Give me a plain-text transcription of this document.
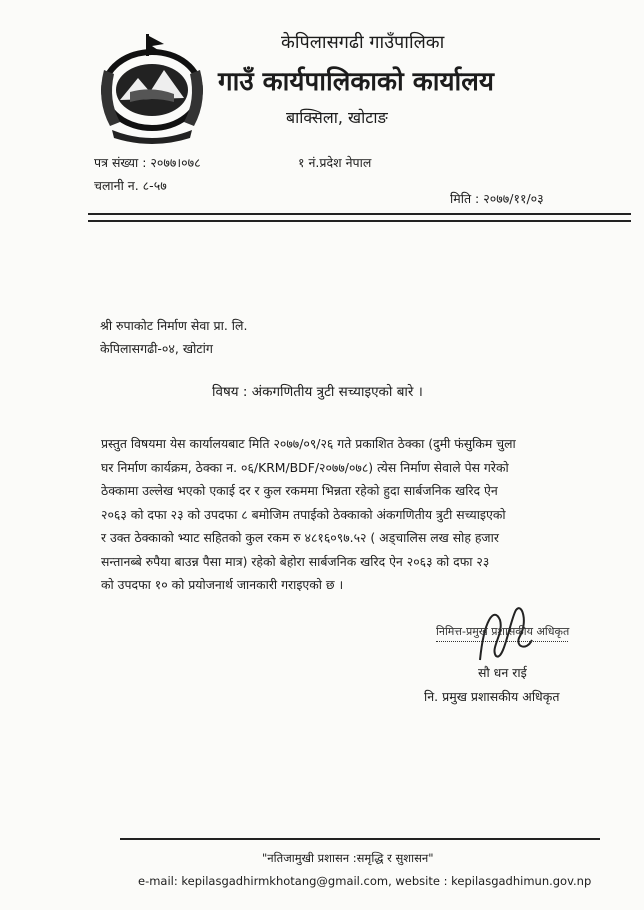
केपिलासगढी गाउँपालिका
गाउँ कार्यपालिकाको कार्यालय
बाक्सिला, खोटाङ
पत्र संख्या : २०७७।०७८	१ नं.प्रदेश नेपाल
चलानी न. ८-५७
मिति : २०७७/११/०३
श्री रुपाकोट निर्माण सेवा प्रा. लि.
केपिलासगढी-०४, खोटांग
विषय : अंकगणितीय त्रुटी सच्याइएको बारे ।

प्रस्तुत विषयमा येस कार्यालयबाट मिति २०७७/०९/२६ गते प्रकाशित ठेक्का (दुमी फंसुकिम चुला

घर निर्माण कार्यक्रम, ठेक्का न. ०६/KRM/BDF/२०७७/०७८) त्येस निर्माण सेवाले पेस गरेको

ठेक्कामा उल्लेख भएको एकाई दर र कुल रकममा भिन्नता रहेको हुदा सार्बजनिक खरिद ऐन

२०६३ को दफा २३ को उपदफा ८ बमोजिम तपाईको ठेक्काको अंकगणितीय त्रुटी सच्याइएको

र उक्त ठेक्काको भ्याट सहितको कुल रकम रु ४८१६०९७.५२ ( अड्चालिस लख सोह हजार

सन्तानब्बे रुपैया बाउन्न पैसा मात्र) रहेको बेहोरा सार्बजनिक खरिद ऐन २०६३ को दफा २३

को उपदफा १० को प्रयोजनार्थ जानकारी गराइएको छ ।

निमित्त-प्रमुख प्रशासकीय अधिकृत
सौ धन राई
नि. प्रमुख प्रशासकीय अधिकृत
"नतिजामुखी प्रशासन :समृद्धि र सुशासन"
e-mail: kepilasgadhirmkhotang@gmail.com, website : kepilasgadhimun.gov.np
